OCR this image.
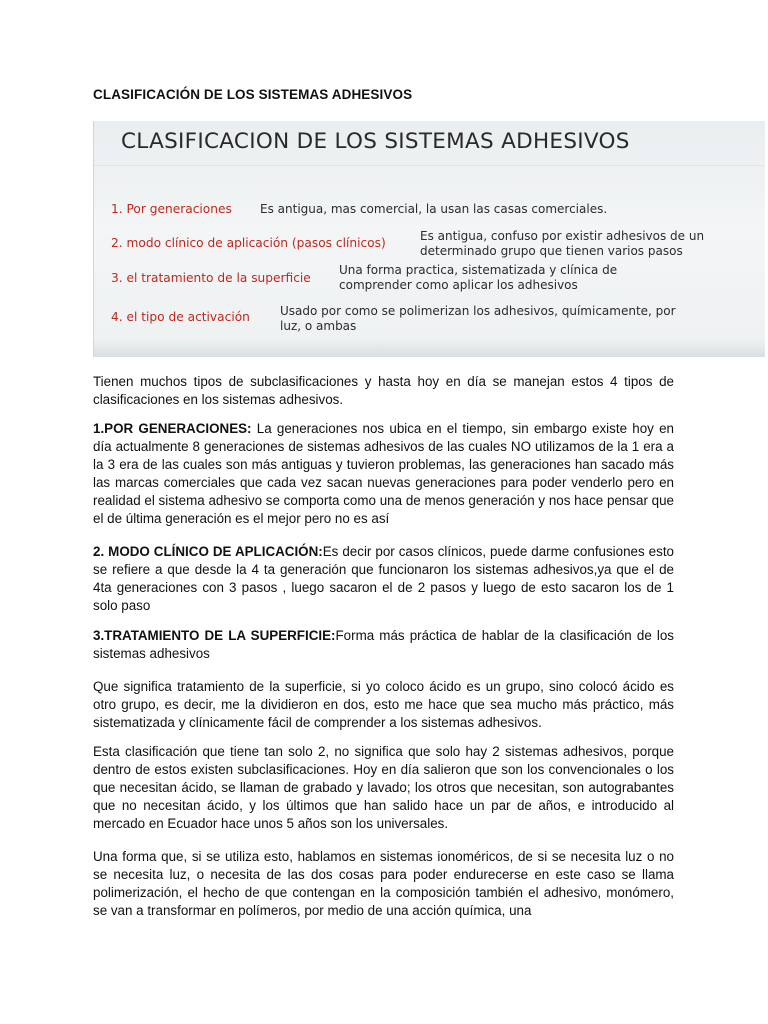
CLASIFICACIÓN DE LOS SISTEMAS ADHESIVOS
CLASIFICACION DE LOS SISTEMAS ADHESIVOS
1. Por generaciones Es antigua, mas comercial, la usan las casas comerciales.
2. modo clínico de aplicación (pasos clínicos)	Es antigua, confuso por existir adhesivos de un determinado grupo que tienen varios pasos
3. el tratamiento de la superficie
Una forma practica, sistematizada y clínica de comprender como aplicar los adhesivos
4. el tipo de activación	Usado por como se polimerizan los adhesivos, químicamente, por luz, o ambas

Tienen muchos tipos de subclasificaciones y hasta hoy en día se manejan estos 4 tipos de clasificaciones en los sistemas adhesivos.

1.POR GENERACIONES: La generaciones nos ubica en el tiempo, sin embargo existe hoy en día actualmente 8 generaciones de sistemas adhesivos de las cuales NO utilizamos de la 1 era a la 3 era de las cuales son más antiguas y tuvieron problemas, las generaciones han sacado más las marcas comerciales que cada vez sacan nuevas generaciones para poder venderlo pero en realidad el sistema adhesivo se comporta como una de menos generación y nos hace pensar que el de última generación es el mejor pero no es así

2. MODO CLÍNICO DE APLICACIÓN:Es decir por casos clínicos, puede darme confusiones esto se refiere a que desde la 4 ta generación que funcionaron los sistemas adhesivos,ya que el de 4ta generaciones con 3 pasos , luego sacaron el de 2 pasos y luego de esto sacaron los de 1 solo paso

3.TRATAMIENTO DE LA SUPERFICIE:Forma más práctica de hablar de la clasificación de los sistemas adhesivos

Que significa tratamiento de la superficie, si yo coloco ácido es un grupo, sino colocó ácido es otro grupo, es decir, me la dividieron en dos, esto me hace que sea mucho más práctico, más sistematizada y clínicamente fácil de comprender a los sistemas adhesivos.

Esta clasificación que tiene tan solo 2, no significa que solo hay 2 sistemas adhesivos, porque dentro de estos existen subclasificaciones. Hoy en día salieron que son los convencionales o los que necesitan ácido, se llaman de grabado y lavado; los otros que necesitan, son autograbantes que no necesitan ácido, y los últimos que han salido hace un par de años, e introducido al mercado en Ecuador hace unos 5 años son los universales.

Una forma que, si se utiliza esto, hablamos en sistemas ionoméricos, de si se necesita luz o no se necesita luz, o necesita de las dos cosas para poder endurecerse en este caso se llama polimerización, el hecho de que contengan en la composición también el adhesivo, monómero, se van a transformar en polímeros, por medio de una acción química, una
